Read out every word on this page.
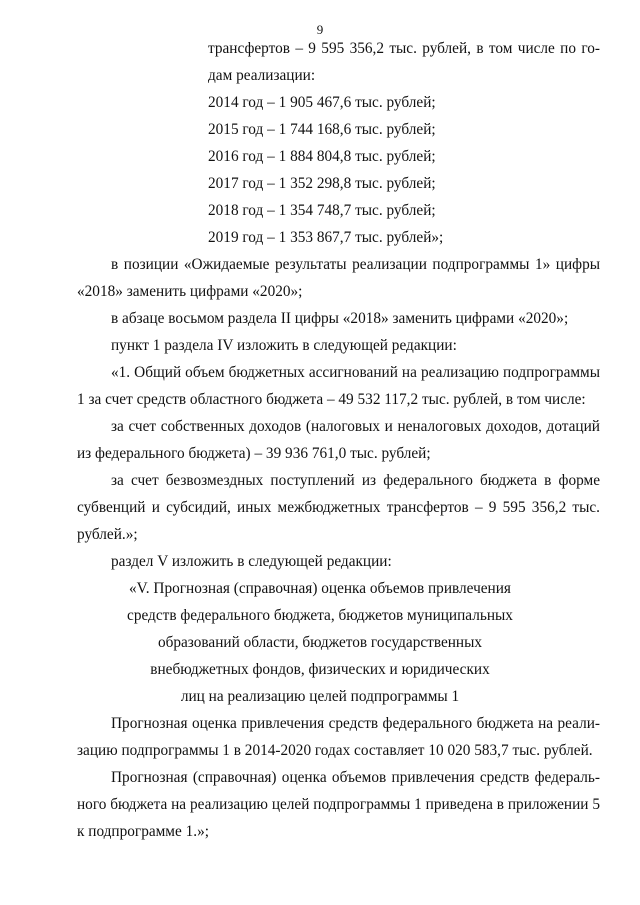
9
трансфертов – 9 595 356,2 тыс. рублей, в том числе по го-
дам реализации:
2014 год – 1 905 467,6 тыс. рублей;
2015 год – 1 744 168,6 тыс. рублей;
2016 год – 1 884 804,8 тыс. рублей;
2017 год – 1 352 298,8 тыс. рублей;
2018 год – 1 354 748,7 тыс. рублей;
2019 год – 1 353 867,7 тыс. рублей»;
в позиции «Ожидаемые результаты реализации подпрограммы 1» цифры
«2018» заменить цифрами «2020»;
в абзаце восьмом раздела II цифры «2018» заменить цифрами «2020»;
пункт 1 раздела IV изложить в следующей редакции:
«1. Общий объем бюджетных ассигнований на реализацию подпрограммы
1 за счет средств областного бюджета – 49 532 117,2 тыс. рублей, в том числе:
за счет собственных доходов (налоговых и неналоговых доходов, дотаций
из федерального бюджета) – 39 936 761,0 тыс. рублей;
за счет безвозмездных поступлений из федерального бюджета в форме
субвенций и субсидий, иных межбюджетных трансфертов – 9 595 356,2 тыс.
рублей.»;
раздел V изложить в следующей редакции:
«V. Прогнозная (справочная) оценка объемов привлечения
средств федерального бюджета, бюджетов муниципальных
образований области, бюджетов государственных
внебюджетных фондов, физических и юридических
лиц на реализацию целей подпрограммы 1
Прогнозная оценка привлечения средств федерального бюджета на реали-
зацию подпрограммы 1 в 2014-2020 годах составляет 10 020 583,7 тыс. рублей.
Прогнозная (справочная) оценка объемов привлечения средств федераль-
ного бюджета на реализацию целей подпрограммы 1 приведена в приложении 5
к подпрограмме 1.»;
